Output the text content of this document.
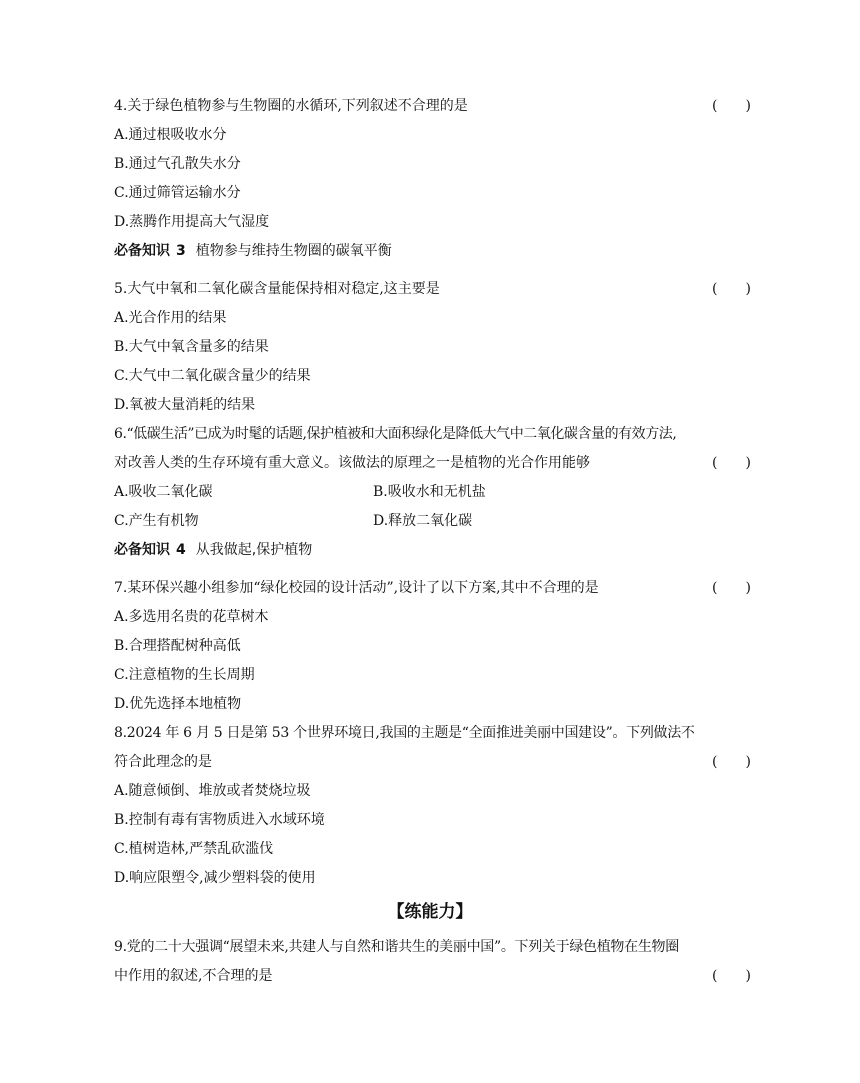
4.关于绿色植物参与生物圈的水循环,下列叙述不合理的是	(　　)
A.通过根吸收水分
B.通过气孔散失水分
C.通过筛管运输水分
D.蒸腾作用提高大气湿度
必备知识 3 植物参与维持生物圈的碳氧平衡
5.大气中氧和二氧化碳含量能保持相对稳定,这主要是	(　　)
A.光合作用的结果
B.大气中氧含量多的结果
C.大气中二氧化碳含量少的结果
D.氧被大量消耗的结果
6.“低碳生活”已成为时髦的话题,保护植被和大面积绿化是降低大气中二氧化碳含量的有效方法,
对改善人类的生存环境有重大意义。该做法的原理之一是植物的光合作用能够	(　　)
A.吸收二氧化碳	B.吸收水和无机盐
C.产生有机物	D.释放二氧化碳
必备知识 4 从我做起,保护植物
7.某环保兴趣小组参加“绿化校园的设计活动”,设计了以下方案,其中不合理的是	(　　)
A.多选用名贵的花草树木
B.合理搭配树种高低
C.注意植物的生长周期
D.优先选择本地植物
8.2024 年 6 月 5 日是第 53 个世界环境日,我国的主题是“全面推进美丽中国建设”。下列做法不
符合此理念的是	(　　)
A.随意倾倒、堆放或者焚烧垃圾
B.控制有毒有害物质进入水域环境
C.植树造林,严禁乱砍滥伐
D.响应限塑令,减少塑料袋的使用
【练能力】
9.党的二十大强调“展望未来,共建人与自然和谐共生的美丽中国”。下列关于绿色植物在生物圈
中作用的叙述,不合理的是	(　　)
